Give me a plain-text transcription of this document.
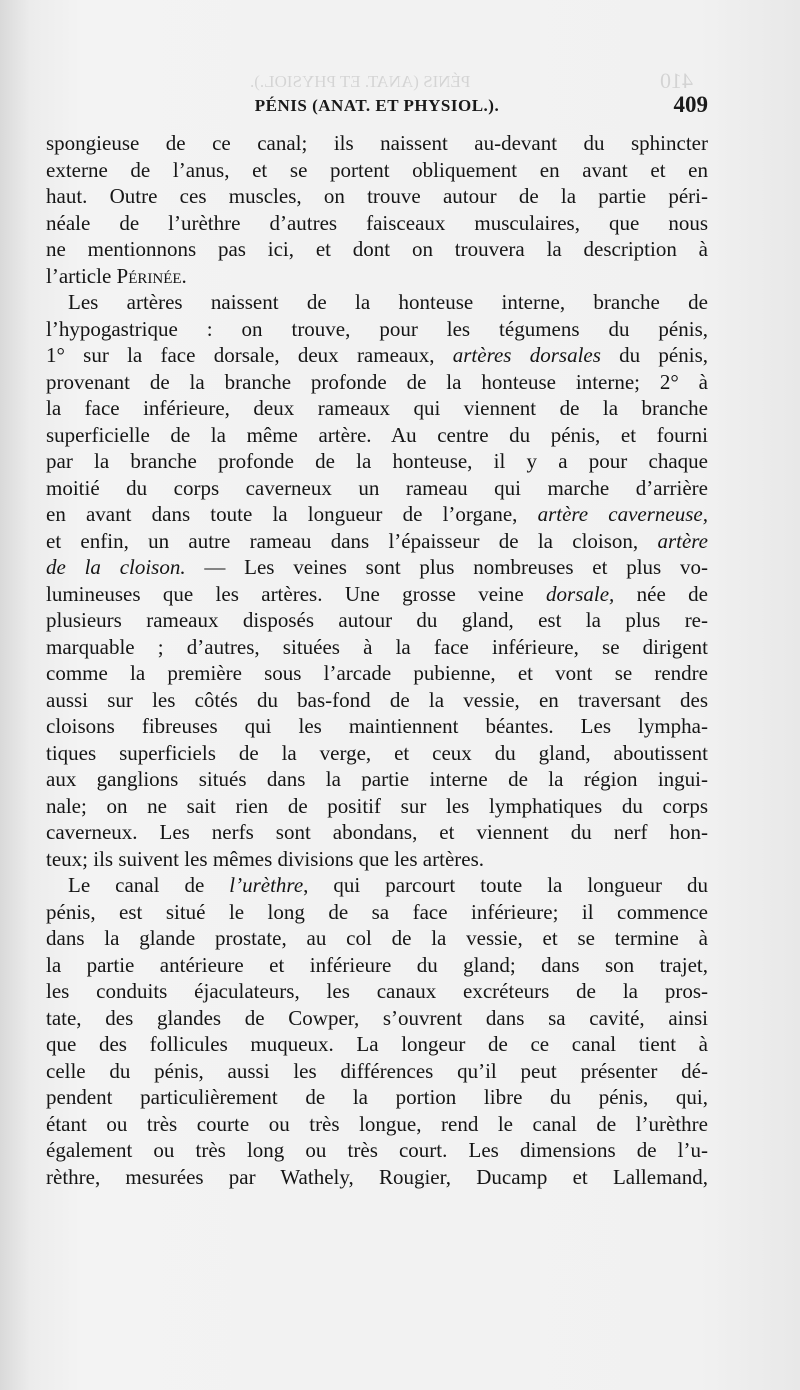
PÉNIS (ANAT. ET PHYSIOL.).	410
PÉNIS (ANAT. ET PHYSIOL.).	409
spongieuse de ce canal; ils naissent au-devant du sphincter
externe de l’anus, et se portent obliquement en avant et en
haut. Outre ces muscles, on trouve autour de la partie péri-
néale de l’urèthre d’autres faisceaux musculaires, que nous
ne mentionnons pas ici, et dont on trouvera la description à
l’article Périnée.
Les artères naissent de la honteuse interne, branche de
l’hypogastrique : on trouve, pour les tégumens du pénis,
1° sur la face dorsale, deux rameaux, artères dorsales du pénis,
provenant de la branche profonde de la honteuse interne; 2° à
la face inférieure, deux rameaux qui viennent de la branche
superficielle de la même artère. Au centre du pénis, et fourni
par la branche profonde de la honteuse, il y a pour chaque
moitié du corps caverneux un rameau qui marche d’arrière
en avant dans toute la longueur de l’organe, artère caverneuse,
et enfin, un autre rameau dans l’épaisseur de la cloison, artère
de la cloison. — Les veines sont plus nombreuses et plus vo-
lumineuses que les artères. Une grosse veine dorsale, née de
plusieurs rameaux disposés autour du gland, est la plus re-
marquable ; d’autres, situées à la face inférieure, se dirigent
comme la première sous l’arcade pubienne, et vont se rendre
aussi sur les côtés du bas-fond de la vessie, en traversant des
cloisons fibreuses qui les maintiennent béantes. Les lympha-
tiques superficiels de la verge, et ceux du gland, aboutissent
aux ganglions situés dans la partie interne de la région ingui-
nale; on ne sait rien de positif sur les lymphatiques du corps
caverneux. Les nerfs sont abondans, et viennent du nerf hon-
teux; ils suivent les mêmes divisions que les artères.
Le canal de l’urèthre, qui parcourt toute la longueur du
pénis, est situé le long de sa face inférieure; il commence
dans la glande prostate, au col de la vessie, et se termine à
la partie antérieure et inférieure du gland; dans son trajet,
les conduits éjaculateurs, les canaux excréteurs de la pros-
tate, des glandes de Cowper, s’ouvrent dans sa cavité, ainsi
que des follicules muqueux. La longeur de ce canal tient à
celle du pénis, aussi les différences qu’il peut présenter dé-
pendent particulièrement de la portion libre du pénis, qui,
étant ou très courte ou très longue, rend le canal de l’urèthre
également ou très long ou très court. Les dimensions de l’u-
rèthre, mesurées par Wathely, Rougier, Ducamp et Lallemand,
